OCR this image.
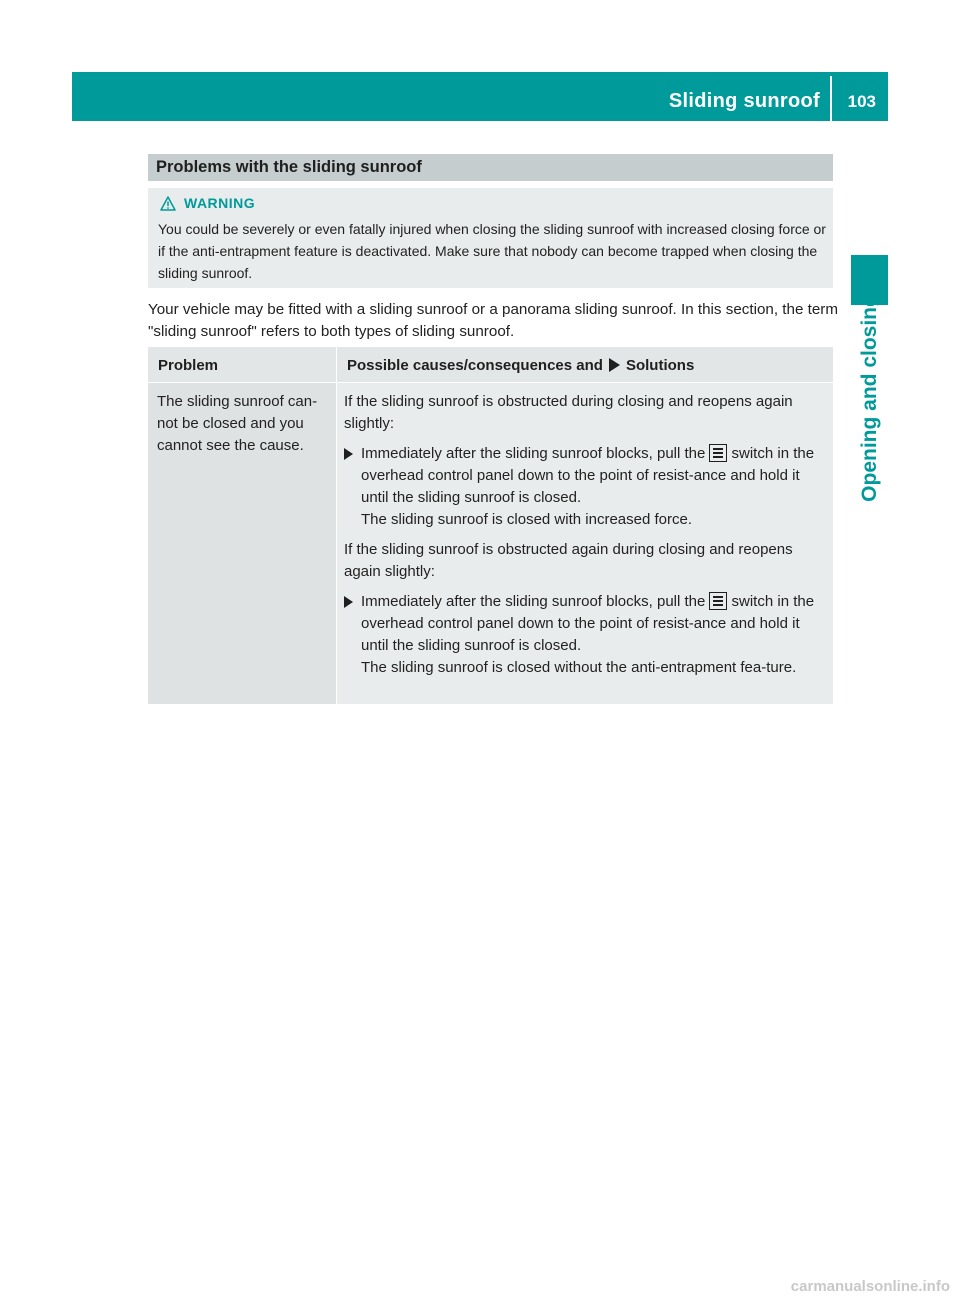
Sliding sunroof 103
Opening and closing
Problems with the sliding sunroof
WARNING
You could be severely or even fatally injured when closing the sliding sunroof with increased closing force or if the anti-entrapment feature is deactivated. Make sure that nobody can become trapped when closing the sliding sunroof.
Your vehicle may be fitted with a sliding sunroof or a panorama sliding sunroof. In this section, the term "sliding sunroof" refers to both types of sliding sunroof.
Problem	Possible causes/consequences and Solutions
The sliding sunroof can-not be closed and you cannot see the cause.
If the sliding sunroof is obstructed during closing and reopens again slightly:
Immediately after the sliding sunroof blocks, pull the switch in the overhead control panel down to the point of resist-ance and hold it until the sliding sunroof is closed.
The sliding sunroof is closed with increased force.
If the sliding sunroof is obstructed again during closing and reopens again slightly:
Immediately after the sliding sunroof blocks, pull the switch in the overhead control panel down to the point of resist-ance and hold it until the sliding sunroof is closed.
The sliding sunroof is closed without the anti-entrapment fea-ture.
carmanualsonline.info
